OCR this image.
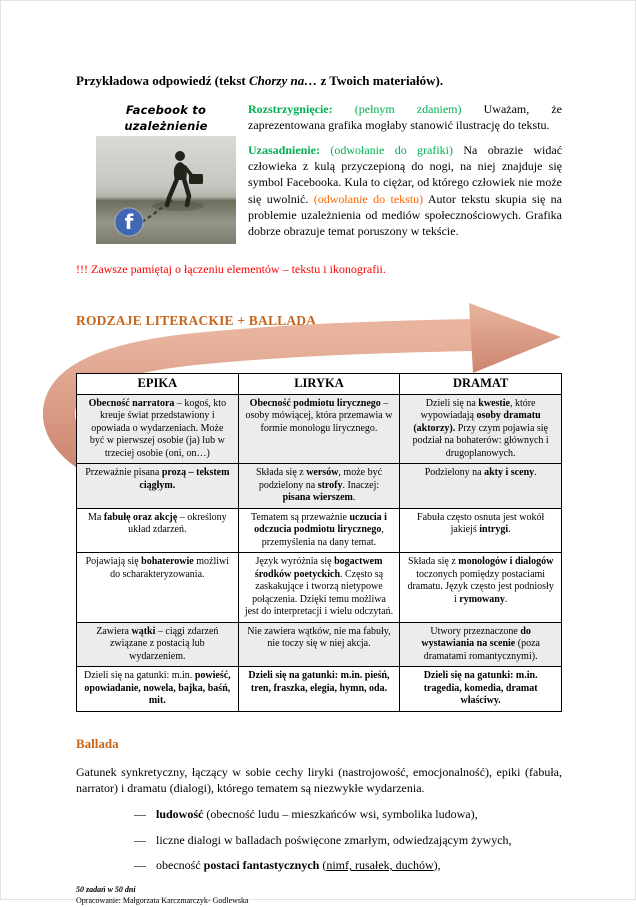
Przykładowa odpowiedź (tekst Chorzy na… z Twoich materiałów).
Facebook to uzależnienie
f

Rozstrzygnięcie: (pełnym zdaniem) Uważam, że zaprezentowana grafika mogłaby stanowić ilustrację do tekstu.

Uzasadnienie: (odwołanie do grafiki) Na obrazie widać człowieka z kulą przyczepioną do nogi, na niej znajduje się symbol Facebooka. Kula to ciężar, od którego człowiek nie może się uwolnić. (odwołanie do tekstu) Autor tekstu skupia się na problemie uzależnienia od mediów społecznościowych. Grafika dobrze obrazuje temat poruszony w tekście.

!!! Zawsze pamiętaj o łączeniu elementów – tekstu i ikonografii.

RODZAJE LITERACKIE + BALLADA
EPIKA	LIRYKA	DRAMAT
Obecność narratora – kogoś, kto kreuje świat przedstawiony i opowiada o wydarzeniach. Może być w pierwszej osobie (ja) lub w trzeciej osobie (oni, on…)	Obecność podmiotu lirycznego – osoby mówiącej, która przemawia w formie monologu lirycznego.	Dzieli się na kwestie, które wypowiadają osoby dramatu (aktorzy). Przy czym pojawia się podział na bohaterów: głównych i drugoplanowych.
Przeważnie pisana prozą – tekstem ciągłym.	Składa się z wersów, może być podzielony na strofy. Inaczej: pisana wierszem.	Podzielony na akty i sceny.
Ma fabułę oraz akcję – określony układ zdarzeń.	Tematem są przeważnie uczucia i odczucia podmiotu lirycznego, przemyślenia na dany temat.	Fabuła często osnuta jest wokół jakiejś intrygi.
Pojawiają się bohaterowie możliwi do scharakteryzowania.	Język wyróżnia się bogactwem środków poetyckich. Często są zaskakujące i tworzą nietypowe połączenia. Dzięki temu możliwa jest do interpretacji i wielu odczytań.	Składa się z monologów i dialogów toczonych pomiędzy postaciami dramatu. Język często jest podniosły i rymowany.
Zawiera wątki – ciągi zdarzeń związane z postacią lub wydarzeniem.	Nie zawiera wątków, nie ma fabuły, nie toczy się w niej akcja.	Utwory przeznaczone do wystawiania na scenie (poza dramatami romantycznymi).
Dzieli się na gatunki: m.in. powieść, opowiadanie, nowela, bajka, baśń, mit.	Dzieli się na gatunki: m.in. pieśń, tren, fraszka, elegia, hymn, oda.	Dzieli się na gatunki: m.in. tragedia, komedia, dramat właściwy.
Ballada

Gatunek synkretyczny, łączący w sobie cechy liryki (nastrojowość, emocjonalność), epiki (fabuła, narrator) i dramatu (dialogi), którego tematem są niezwykłe wydarzenia.

— ludowość (obecność ludu – mieszkańców wsi, symbolika ludowa),
— liczne dialogi w balladach poświęcone zmarłym, odwiedzającym żywych,
— obecność postaci fantastycznych (nimf, rusałek, duchów),
50 zadań w 50 dni
Opracowanie: Małgorzata Karczmarczyk- Godlewska
